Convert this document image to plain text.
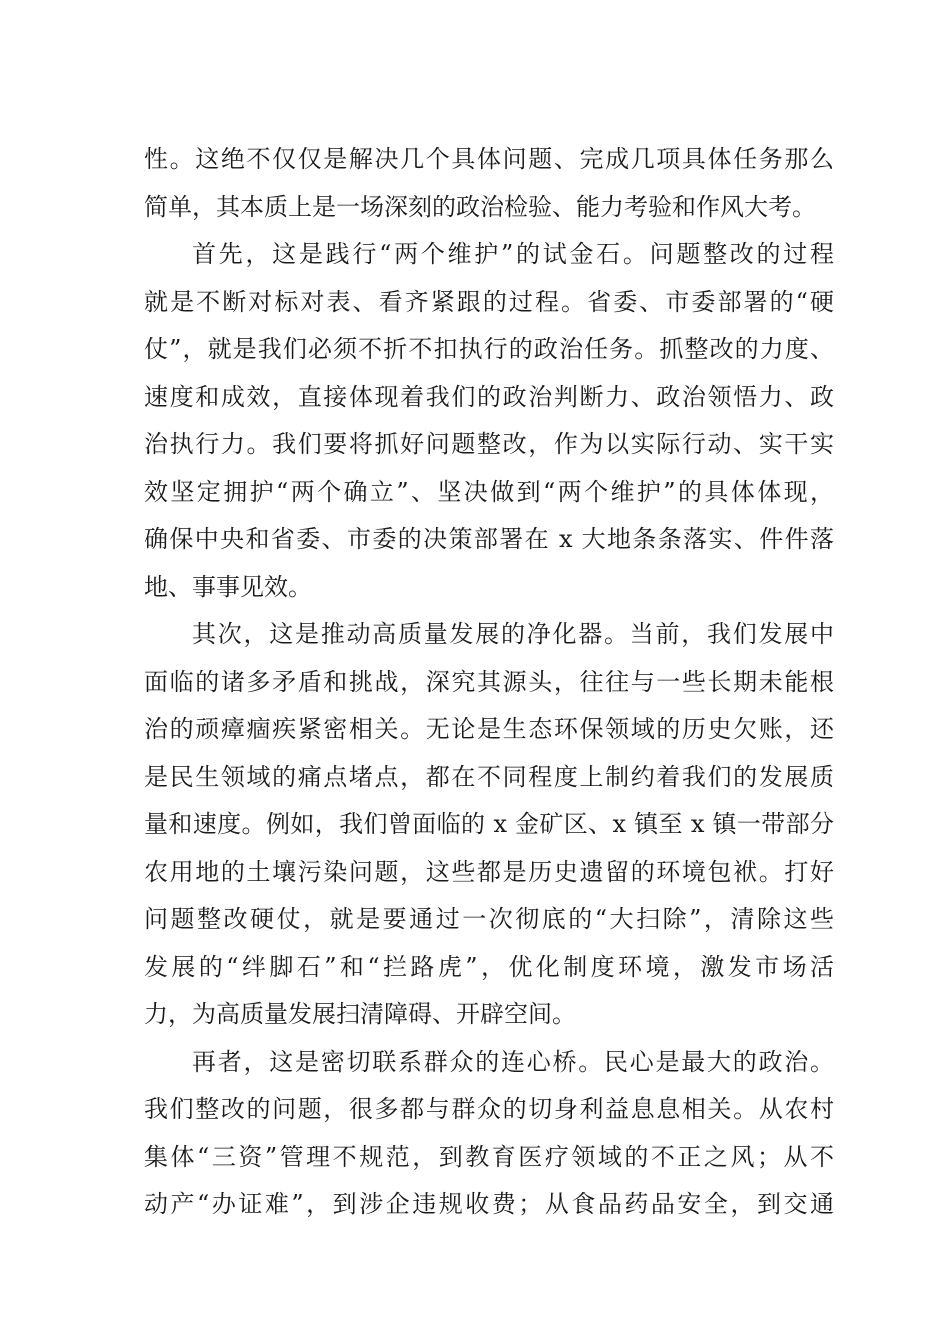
性。这绝不仅仅是解决几个具体问题、完成几项具体任务那么
简单，其本质上是一场深刻的政治检验、能力考验和作风大考。
首先，这是践行“两个维护”的试金石。问题整改的过程
就是不断对标对表、看齐紧跟的过程。省委、市委部署的“硬
仗”，就是我们必须不折不扣执行的政治任务。抓整改的力度、
速度和成效，直接体现着我们的政治判断力、政治领悟力、政
治执行力。我们要将抓好问题整改，作为以实际行动、实干实
效坚定拥护“两个确立”、坚决做到“两个维护”的具体体现，
确保中央和省委、市委的决策部署在 x 大地条条落实、件件落
地、事事见效。
其次，这是推动高质量发展的净化器。当前，我们发展中
面临的诸多矛盾和挑战，深究其源头，往往与一些长期未能根
治的顽瘴痼疾紧密相关。无论是生态环保领域的历史欠账，还
是民生领域的痛点堵点，都在不同程度上制约着我们的发展质
量和速度。例如，我们曾面临的 x 金矿区、x 镇至 x 镇一带部分
农用地的土壤污染问题，这些都是历史遗留的环境包袱。打好
问题整改硬仗，就是要通过一次彻底的“大扫除”，清除这些
发展的“绊脚石”和“拦路虎”，优化制度环境，激发市场活
力，为高质量发展扫清障碍、开辟空间。
再者，这是密切联系群众的连心桥。民心是最大的政治。
我们整改的问题，很多都与群众的切身利益息息相关。从农村
集体“三资”管理不规范，到教育医疗领域的不正之风；从不
动产“办证难”，到涉企违规收费；从食品药品安全，到交通
